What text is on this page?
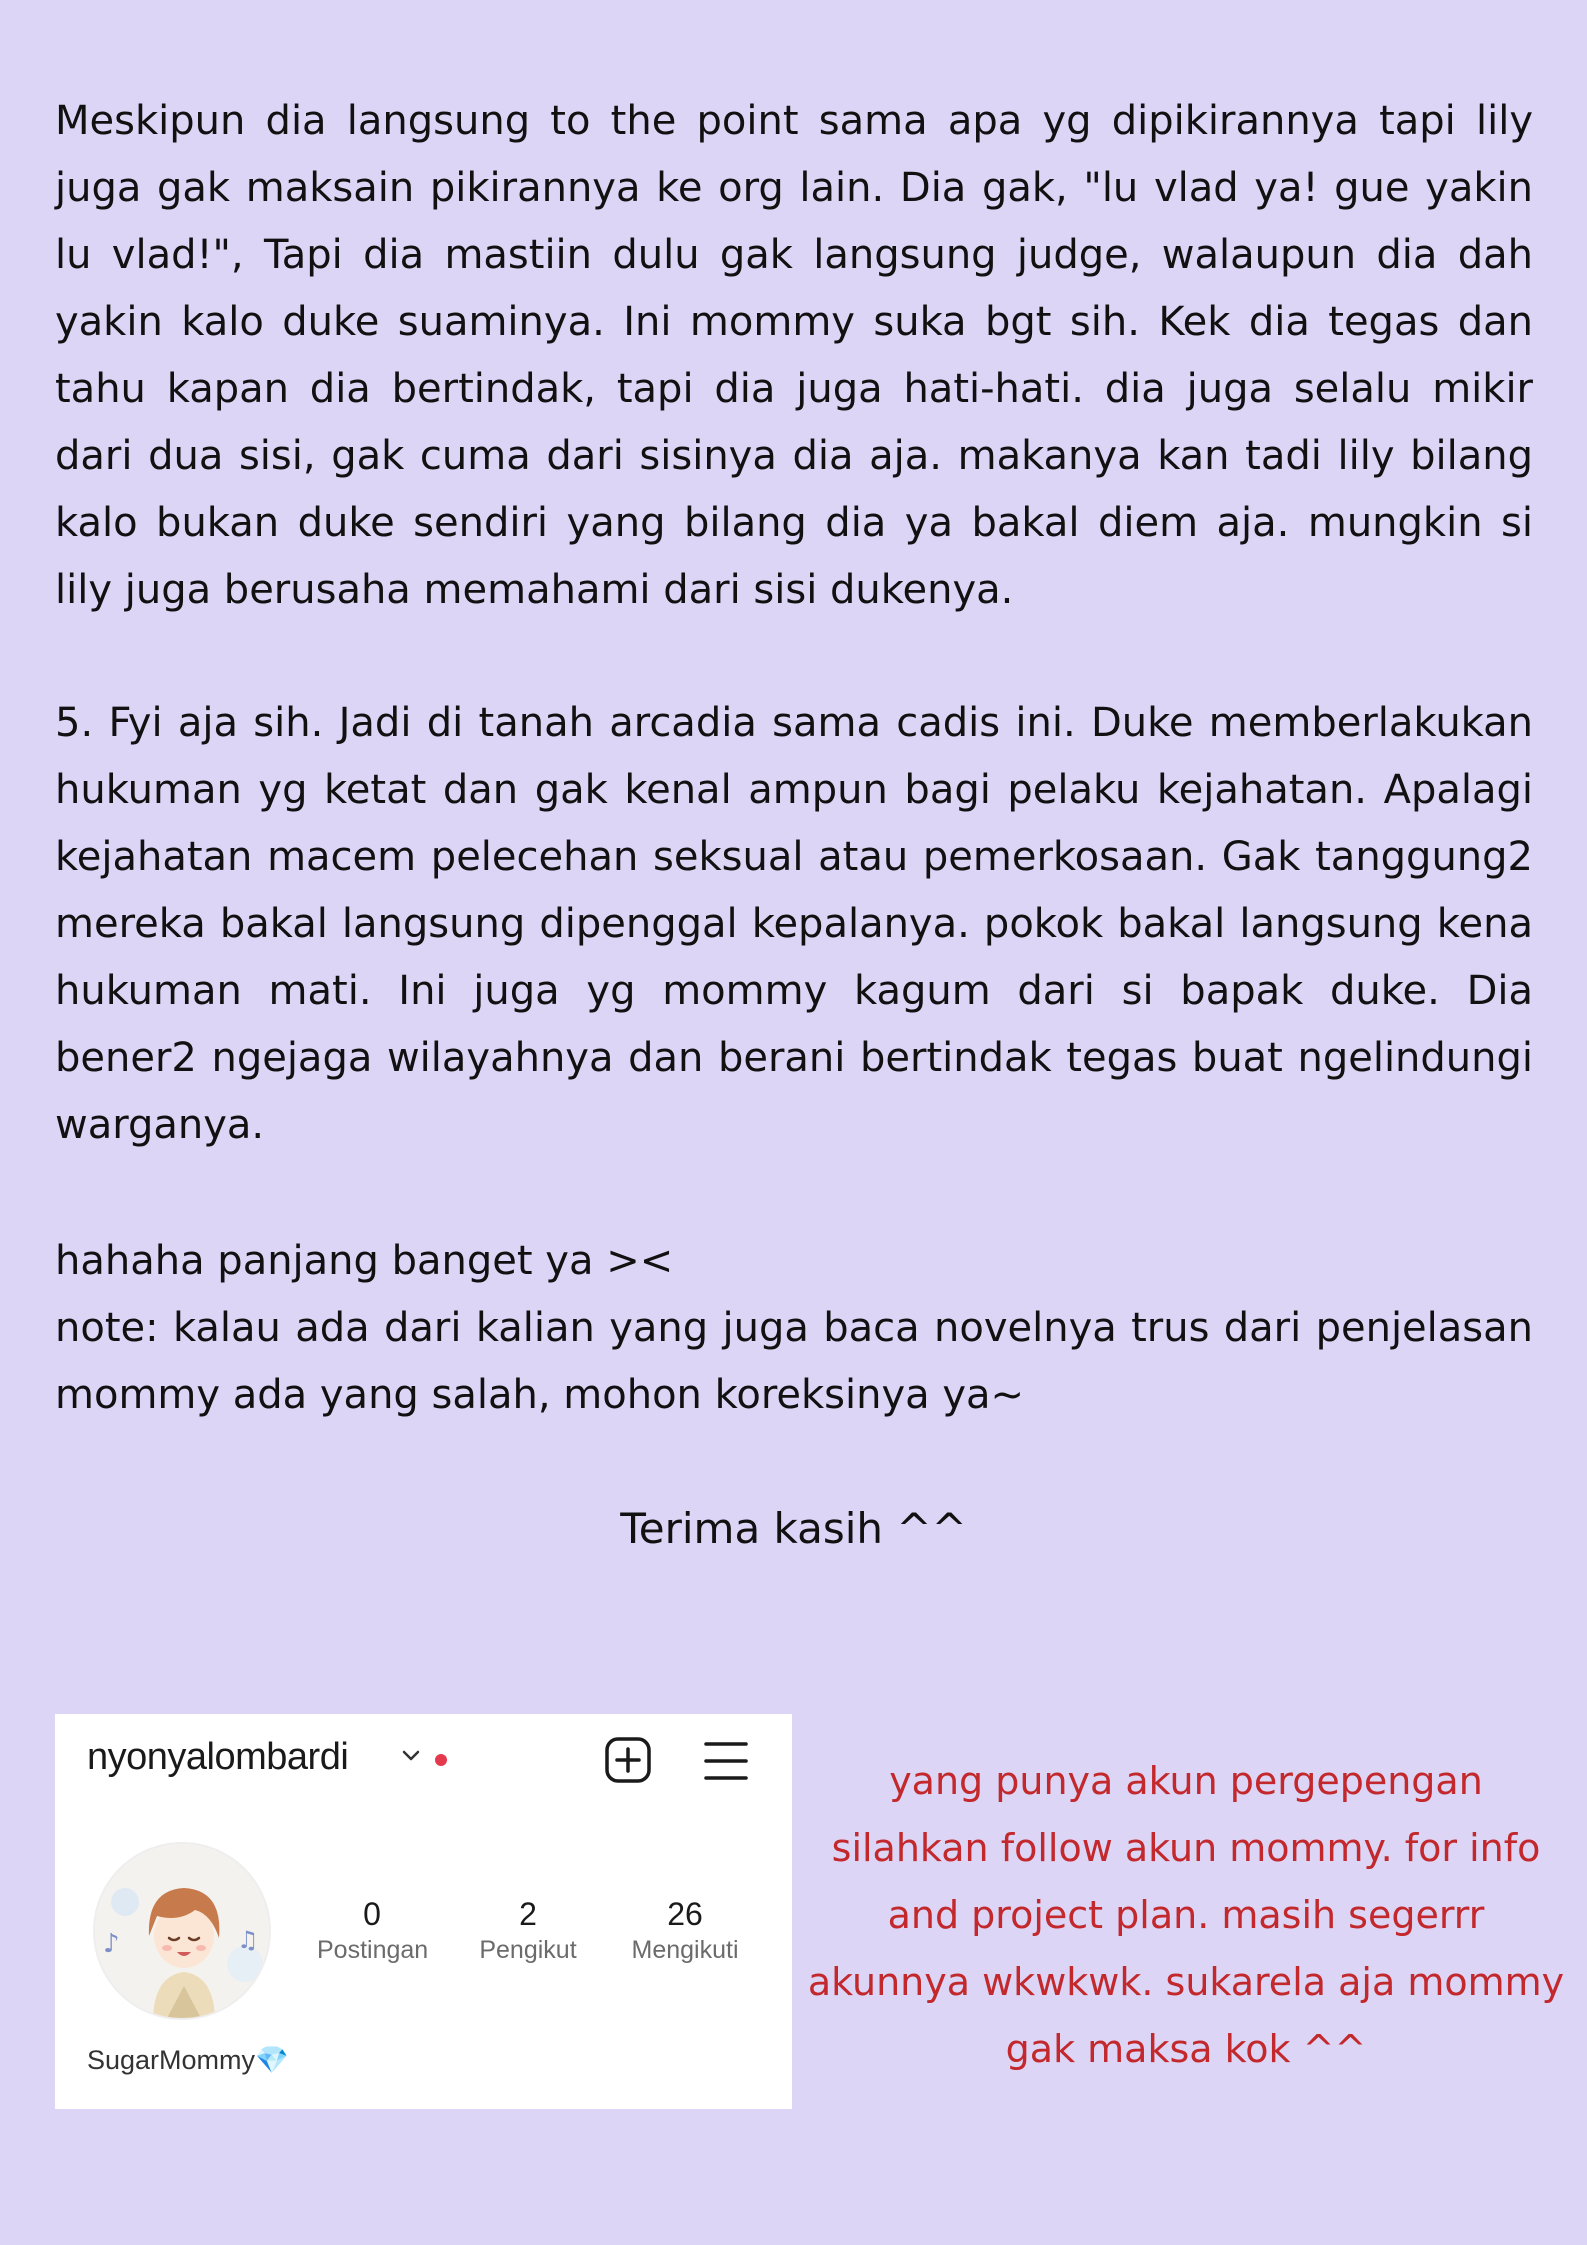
Meskipun dia langsung to the point sama apa yg dipikirannya tapi lily juga gak maksain pikirannya ke org lain. Dia gak, "lu vlad ya! gue yakin lu vlad!", Tapi dia mastiin dulu gak langsung judge, walaupun dia dah yakin kalo duke suaminya. Ini mommy suka bgt sih. Kek dia tegas dan tahu kapan dia bertindak, tapi dia juga hati-hati. dia juga selalu mikir dari dua sisi, gak cuma dari sisinya dia aja. makanya kan tadi lily bilang kalo bukan duke sendiri yang bilang dia ya bakal diem aja. mungkin si lily juga berusaha memahami dari sisi dukenya.

5. Fyi aja sih. Jadi di tanah arcadia sama cadis ini. Duke memberlakukan hukuman yg ketat dan gak kenal ampun bagi pelaku kejahatan. Apalagi kejahatan macem pelecehan seksual atau pemerkosaan. Gak tanggung2 mereka bakal langsung dipenggal kepalanya. pokok bakal langsung kena hukuman mati. Ini juga yg mommy kagum dari si bapak duke. Dia bener2 ngejaga wilayahnya dan berani bertindak tegas buat ngelindungi warganya.

hahaha panjang banget ya ><

note: kalau ada dari kalian yang juga baca novelnya trus dari penjelasan mommy ada yang salah, mohon koreksinya ya~

Terima kasih ^^
nyonyalombardi
♪	♫
0
Postingan
2
Pengikut
26
Mengikuti
SugarMommy💎

yang punya akun pergepengan silahkan follow akun mommy. for info and project plan. masih segerrr akunnya wkwkwk. sukarela aja mommy gak maksa kok ^^
